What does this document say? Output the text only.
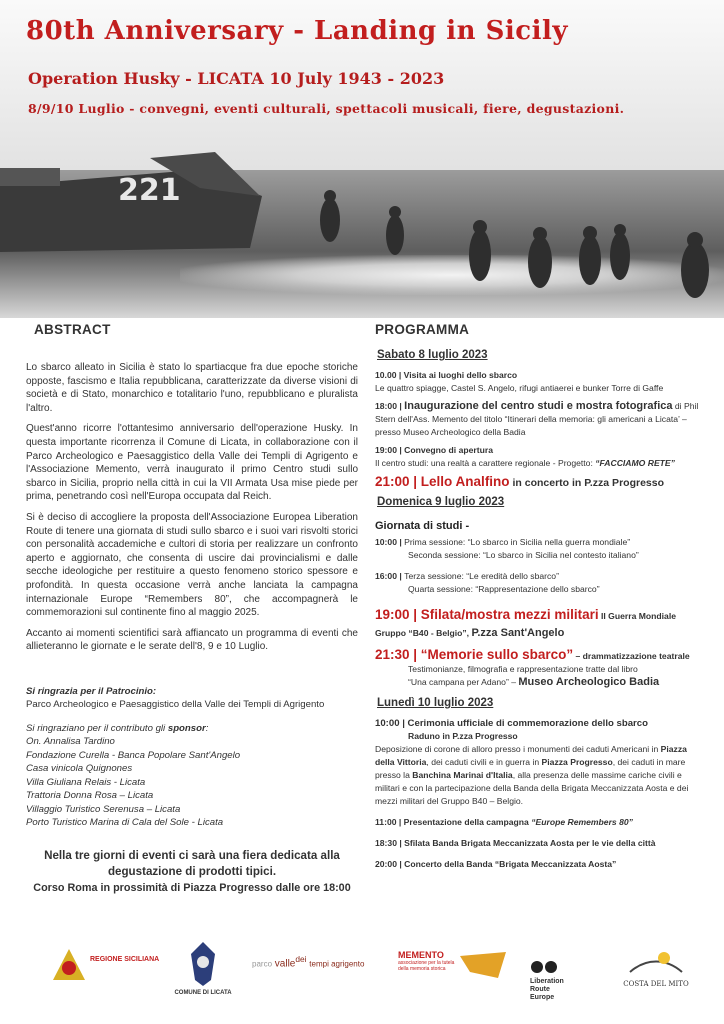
221
80th Anniversary - Landing in Sicily
Operation Husky - LICATA 10 July 1943 - 2023
8/9/10 Luglio - convegni, eventi culturali, spettacoli musicali, fiere, degustazioni.
ABSTRACT

Lo sbarco alleato in Sicilia è stato lo spartiacque fra due epoche storiche opposte, fascismo e Italia repubblicana, caratterizzate da diverse visioni di società e di Stato, monarchico e totalitario l'uno, repubblicano e pluralista l'altro.

Quest'anno ricorre l'ottantesimo anniversario dell'operazione Husky. In questa importante ricorrenza il Comune di Licata, in collaborazione con il Parco Archeologico e Paesaggistico della Valle dei Templi di Agrigento e l'Associazione Memento, verrà inaugurato il primo Centro studi sullo sbarco in Sicilia, proprio nella città in cui la VII Armata Usa mise piede per prima, penetrando così nell'Europa occupata dal Reich.

Si è deciso di accogliere la proposta dell'Associazione Europea Liberation Route di tenere una giornata di studi sullo sbarco e i suoi vari risvolti storici con personalità accademiche e cultori di storia per realizzare un confronto aperto e aggiornato, che consenta di uscire dai provincialismi e dalle secche ideologiche per restituire a questo fenomeno storico spessore e profondità. In questa occasione verrà anche lanciata la campagna internazionale Europe “Remembers 80”, che accompagnerà le commemorazioni sul continente fino al maggio 2025.

Accanto ai momenti scientifici sarà affiancato un programma di eventi che allieteranno le giornate e le serate dell'8, 9 e 10 Luglio.

Si ringrazia per il Patrocinio:
Parco Archeologico e Paesaggistico della Valle dei Templi di Agrigento
Si ringraziano per il contributo gli sponsor:
On. Annalisa Tardino
Fondazione Curella - Banca Popolare Sant'Angelo
Casa vinicola Quignones
Villa Giuliana Relais - Licata
Trattoria Donna Rosa – Licata
Villaggio Turistico Serenusa – Licata
Porto Turistico Marina di Cala del Sole - Licata
Nella tre giorni di eventi ci sarà una fiera dedicata alla
degustazione di prodotti tipici.
Corso Roma in prossimità di Piazza Progresso dalle ore 18:00
PROGRAMMA
Sabato 8 luglio 2023
10.00 | Visita ai luoghi dello sbarco
Le quattro spiagge, Castel S. Angelo, rifugi antiaerei e bunker Torre di Gaffe
18:00 | Inaugurazione del centro studi e mostra fotografica di Phil Stern dell'Ass. Memento del titolo “Itinerari della memoria: gli americani a Licata’ – presso Museo Archeologico della Badia
19:00 | Convegno di apertura
Il centro studi: una realtà a carattere regionale - Progetto: “FACCIAMO RETE”
21:00 | Lello Analfino in concerto in P.zza Progresso
Domenica 9 luglio 2023
Giornata di studi -
10:00 | Prima sessione: “Lo sbarco in Sicilia nella guerra mondiale”
Seconda sessione: “Lo sbarco in Sicilia nel contesto italiano”
16:00 | Terza sessione: “Le eredità dello sbarco”
Quarta sessione: “Rappresentazione dello sbarco”
19:00 | Sfilata/mostra mezzi militari II Guerra Mondiale
Gruppo “B40 - Belgio”, P.zza Sant'Angelo
21:30 | “Memorie sullo sbarco” – drammatizzazione teatrale
Testimonianze, filmografia e rappresentazione tratte dal libro
“Una campana per Adano” – Museo Archeologico Badia
Lunedì 10 luglio 2023
10:00 | Cerimonia ufficiale di commemorazione dello sbarco
Raduno in P.zza Progresso
Deposizione di corone di alloro presso i monumenti dei caduti Americani in Piazza della Vittoria, dei caduti civili e in guerra in Piazza Progresso, dei caduti in mare presso la Banchina Marinai d'Italia, alla presenza delle massime cariche civili e militari e con la partecipazione della Banda della Brigata Meccanizzata Aosta e dei mezzi militari del Gruppo B40 – Belgio.
11:00 | Presentazione della campagna “Europe Remembers 80”
18:30 | Sfilata Banda Brigata Meccanizzata Aosta per le vie della città
20:00 | Concerto della Banda “Brigata Meccanizzata Aosta”
REGIONE SICILIANA
COMUNE DI LICATA
parco valle$^{dei}$ tempi agrigento
MEMENTO
associazione per la tutela della memoria storica
Liberation Route Europe
COSTA DEL MITO
